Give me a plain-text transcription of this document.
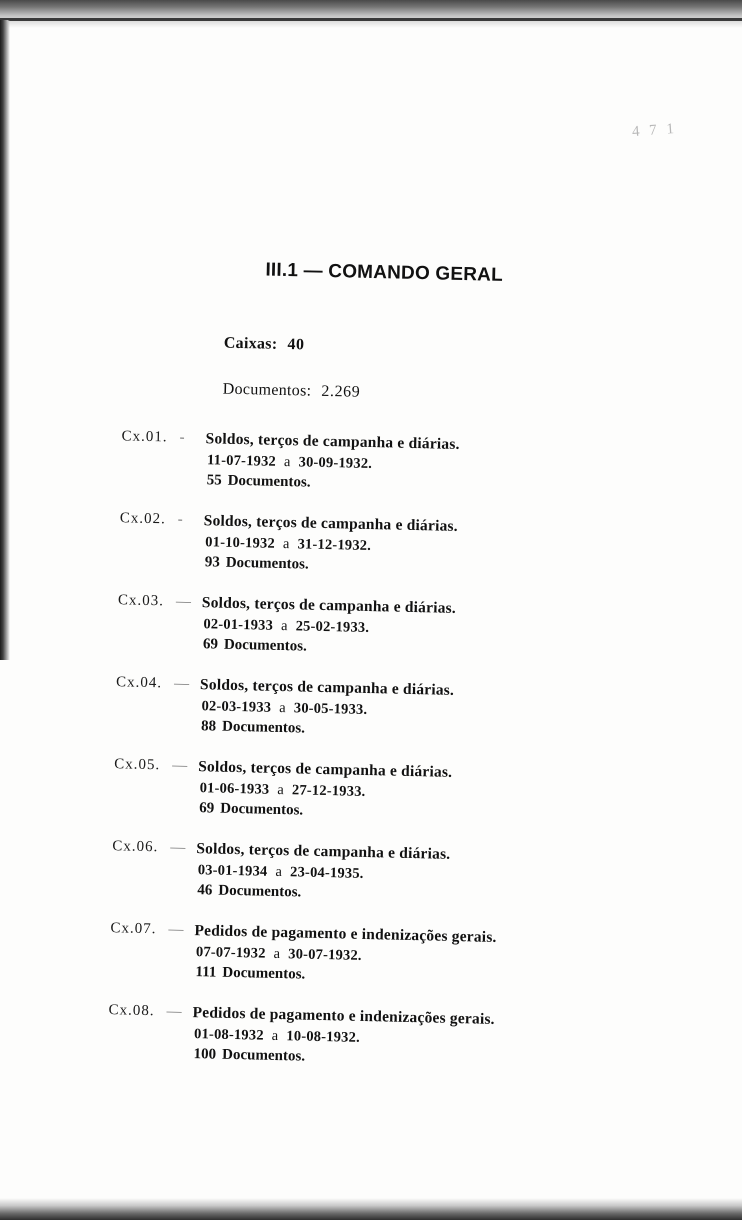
4 7 1
III.1 — COMANDO GERAL
Caixas: 40
Documentos: 2.269
Cx.01. - Soldos, terços de campanha e diárias.
11-07-1932 a 30-09-1932.
55 Documentos.
Cx.02. - Soldos, terços de campanha e diárias.
01-10-1932 a 31-12-1932.
93 Documentos.
Cx.03. — Soldos, terços de campanha e diárias.
02-01-1933 a 25-02-1933.
69 Documentos.
Cx.04. — Soldos, terços de campanha e diárias.
02-03-1933 a 30-05-1933.
88 Documentos.
Cx.05. — Soldos, terços de campanha e diárias.
01-06-1933 a 27-12-1933.
69 Documentos.
Cx.06. — Soldos, terços de campanha e diárias.
03-01-1934 a 23-04-1935.
46 Documentos.
Cx.07. — Pedidos de pagamento e indenizações gerais.
07-07-1932 a 30-07-1932.
111 Documentos.
Cx.08. — Pedidos de pagamento e indenizações gerais.
01-08-1932 a 10-08-1932.
100 Documentos.
